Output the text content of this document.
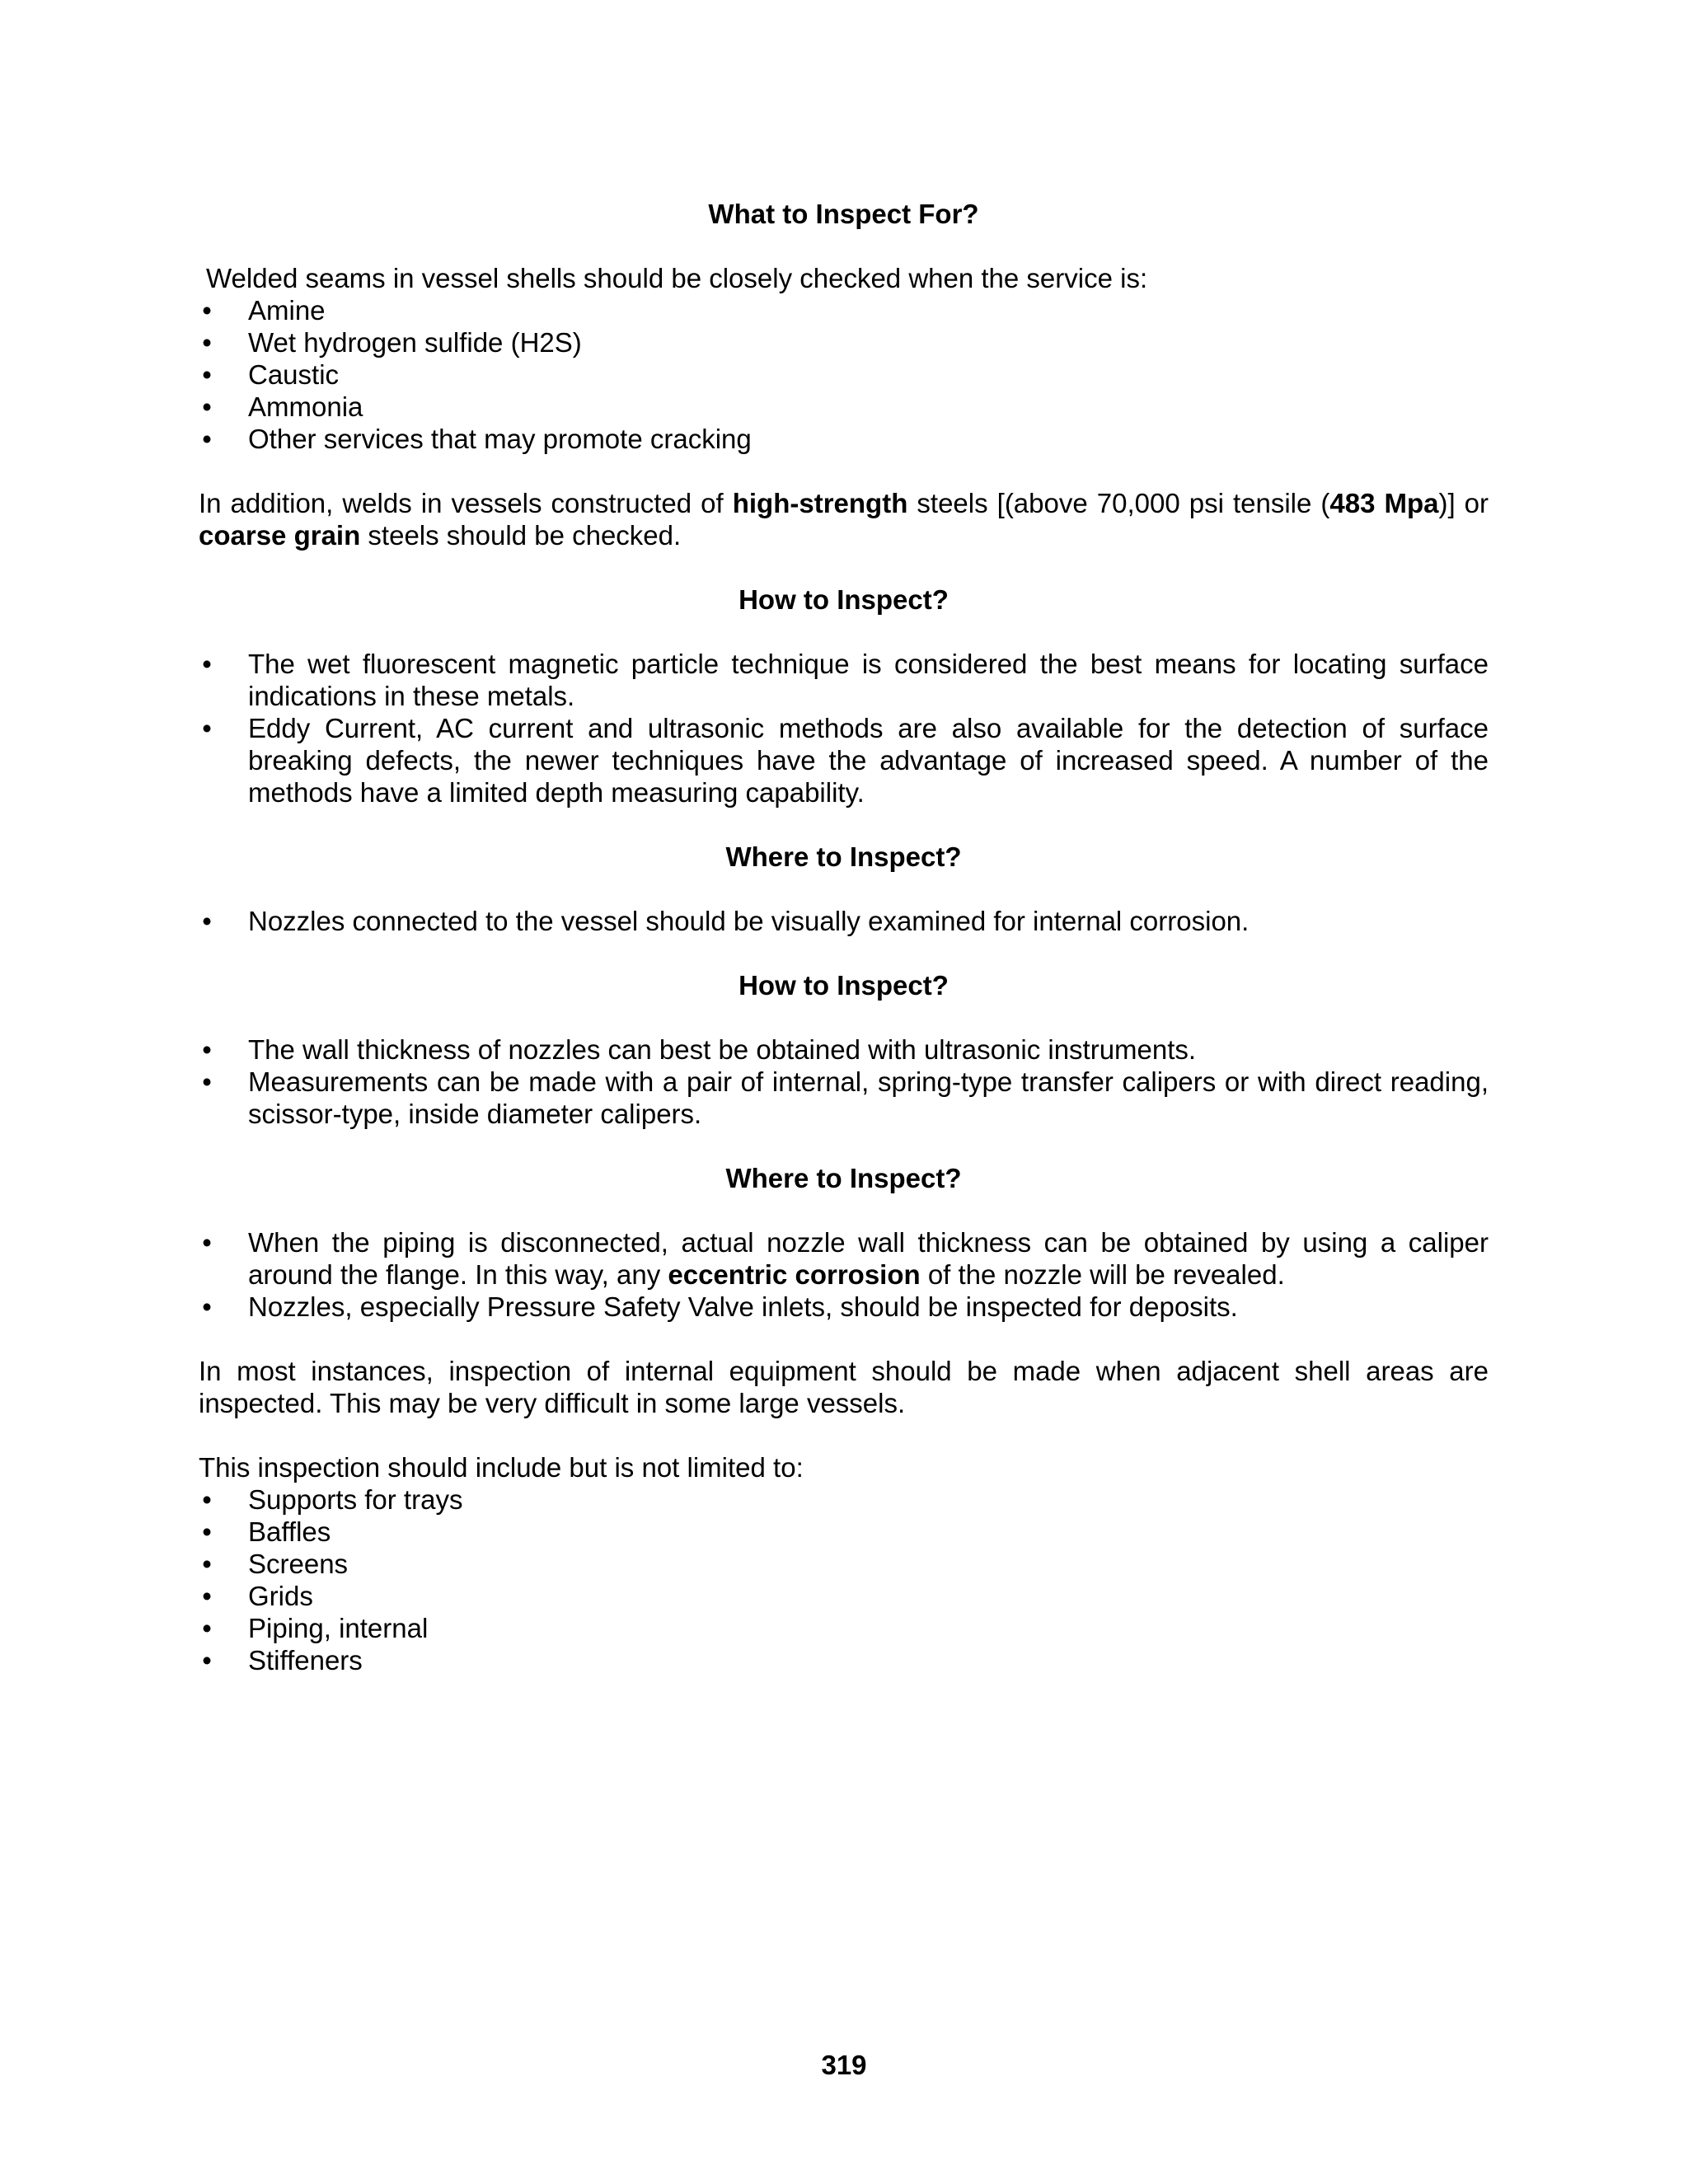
What to Inspect For?

Welded seams in vessel shells should be closely checked when the service is:

• Amine
• Wet hydrogen sulfide (H2S)
• Caustic
• Ammonia
• Other services that may promote cracking

In addition, welds in vessels constructed of high-strength steels [(above 70,000 psi tensile (483 Mpa)] or coarse grain steels should be checked.

How to Inspect?
• The wet fluorescent magnetic particle technique is considered the best means for locating surface indications in these metals.
• Eddy Current, AC current and ultrasonic methods are also available for the detection of surface breaking defects, the newer techniques have the advantage of increased speed. A number of the methods have a limited depth measuring capability.
Where to Inspect?
• Nozzles connected to the vessel should be visually examined for internal corrosion.
How to Inspect?
• The wall thickness of nozzles can best be obtained with ultrasonic instruments.
• Measurements can be made with a pair of internal, spring-type transfer calipers or with direct reading, scissor-type, inside diameter calipers.
Where to Inspect?
• When the piping is disconnected, actual nozzle wall thickness can be obtained by using a caliper around the flange. In this way, any eccentric corrosion of the nozzle will be revealed.
• Nozzles, especially Pressure Safety Valve inlets, should be inspected for deposits.

In most instances, inspection of internal equipment should be made when adjacent shell areas are inspected. This may be very difficult in some large vessels.

This inspection should include but is not limited to:

• Supports for trays
• Baffles
• Screens
• Grids
• Piping, internal
• Stiffeners
319
